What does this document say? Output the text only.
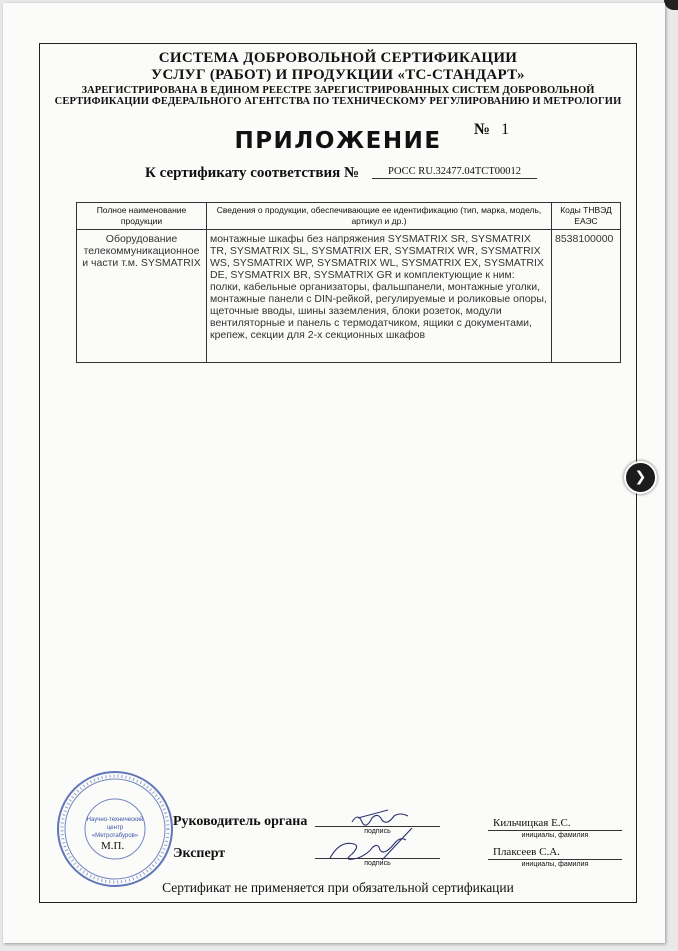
СИСТЕМА ДОБРОВОЛЬНОЙ СЕРТИФИКАЦИИ
УСЛУГ (РАБОТ) И ПРОДУКЦИИ «ТС-СТАНДАРТ»
ЗАРЕГИСТРИРОВАНА В ЕДИНОМ РЕЕСТРЕ ЗАРЕГИСТРИРОВАННЫХ СИСТЕМ ДОБРОВОЛЬНОЙ
СЕРТИФИКАЦИИ ФЕДЕРАЛЬНОГО АГЕНТСТВА ПО ТЕХНИЧЕСКОМУ РЕГУЛИРОВАНИЮ И МЕТРОЛОГИИ
ПРИЛОЖЕНИЕ	№ 1
К сертификату соответствия №	РОСС RU.32477.04ТСТ00012
Полное наименование продукции	Сведения о продукции, обеспечивающие ее идентификацию (тип, марка, модель, артикул и др.)	Коды ТНВЭД ЕАЭС
Оборудование телекоммуникационное и части т.м. SYSMATRIX	монтажные шкафы без напряжения SYSMATRIX SR, SYSMATRIX TR, SYSMATRIX SL, SYSMATRIX ER, SYSMATRIX WR, SYSMATRIX WS, SYSMATRIX WP, SYSMATRIX WL, SYSMATRIX EX, SYSMATRIX DE, SYSMATRIX BR, SYSMATRIX GR и комплектующие к ним: полки, кабельные организаторы, фальшпанели, монтажные уголки, монтажные панели с DIN-рейкой, регулируемые и роликовые опоры, щеточные вводы, шины заземления, блоки розеток, модули вентиляторные и панель с термодатчиком, ящики с документами, крепеж, секции для 2-х секционных шкафов	8538100000
Руководитель органа
подпись
Кильчицкая Е.С.
инициалы, фамилия
Эксперт
подпись
Плаксеев С.А.
инициалы, фамилия
Сертификат не применяется при обязательной сертификации
Научно-технический
центр
«Метротабуров»
М.П.
❯
